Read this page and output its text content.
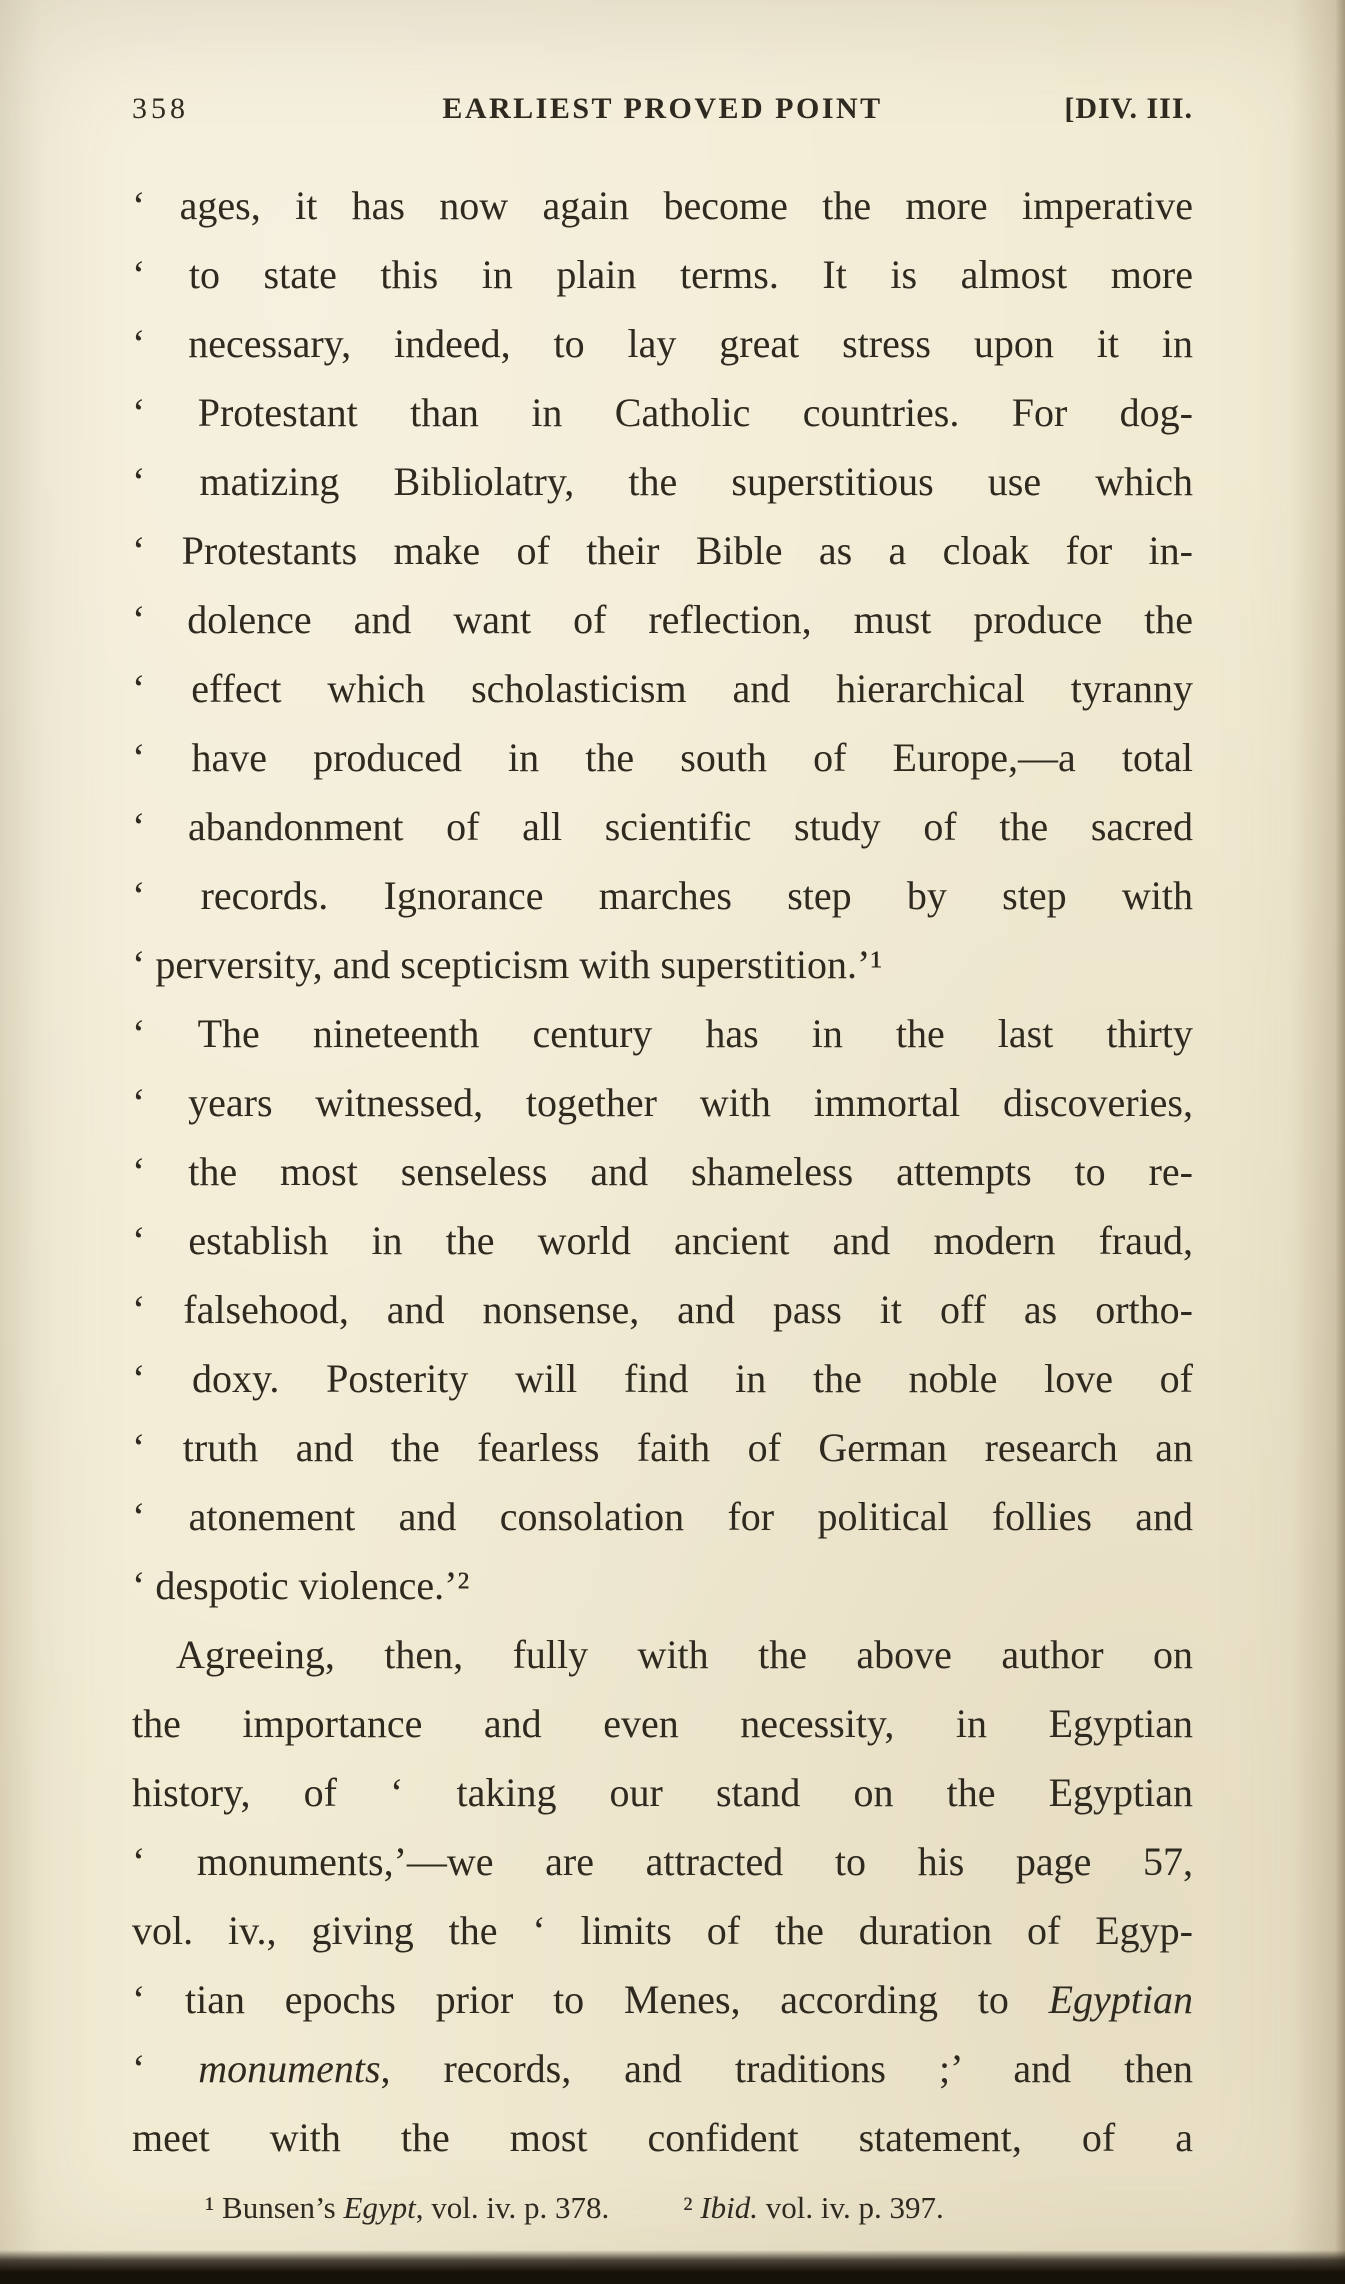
358	EARLIEST PROVED POINT	[DIV. III.
‘ ages, it has now again become the more imperative
‘ to state this in plain terms. It is almost more
‘ necessary, indeed, to lay great stress upon it in
‘ Protestant than in Catholic countries. For dog-
‘ matizing Bibliolatry, the superstitious use which
‘ Protestants make of their Bible as a cloak for in-
‘ dolence and want of reflection, must produce the
‘ effect which scholasticism and hierarchical tyranny
‘ have produced in the south of Europe,—a total
‘ abandonment of all scientific study of the sacred
‘ records. Ignorance marches step by step with
‘ perversity, and scepticism with superstition.’¹
‘ The nineteenth century has in the last thirty
‘ years witnessed, together with immortal discoveries,
‘ the most senseless and shameless attempts to re-
‘ establish in the world ancient and modern fraud,
‘ falsehood, and nonsense, and pass it off as ortho-
‘ doxy. Posterity will find in the noble love of
‘ truth and the fearless faith of German research an
‘ atonement and consolation for political follies and
‘ despotic violence.’²
Agreeing, then, fully with the above author on
the importance and even necessity, in Egyptian
history, of ‘ taking our stand on the Egyptian
‘ monuments,’—we are attracted to his page 57,
vol. iv., giving the ‘ limits of the duration of Egyp-
‘ tian epochs prior to Menes, according to Egyptian
‘ monuments, records, and traditions ;’ and then
meet with the most confident statement, of a
¹ Bunsen’s Egypt, vol. iv. p. 378. ² Ibid. vol. iv. p. 397.
